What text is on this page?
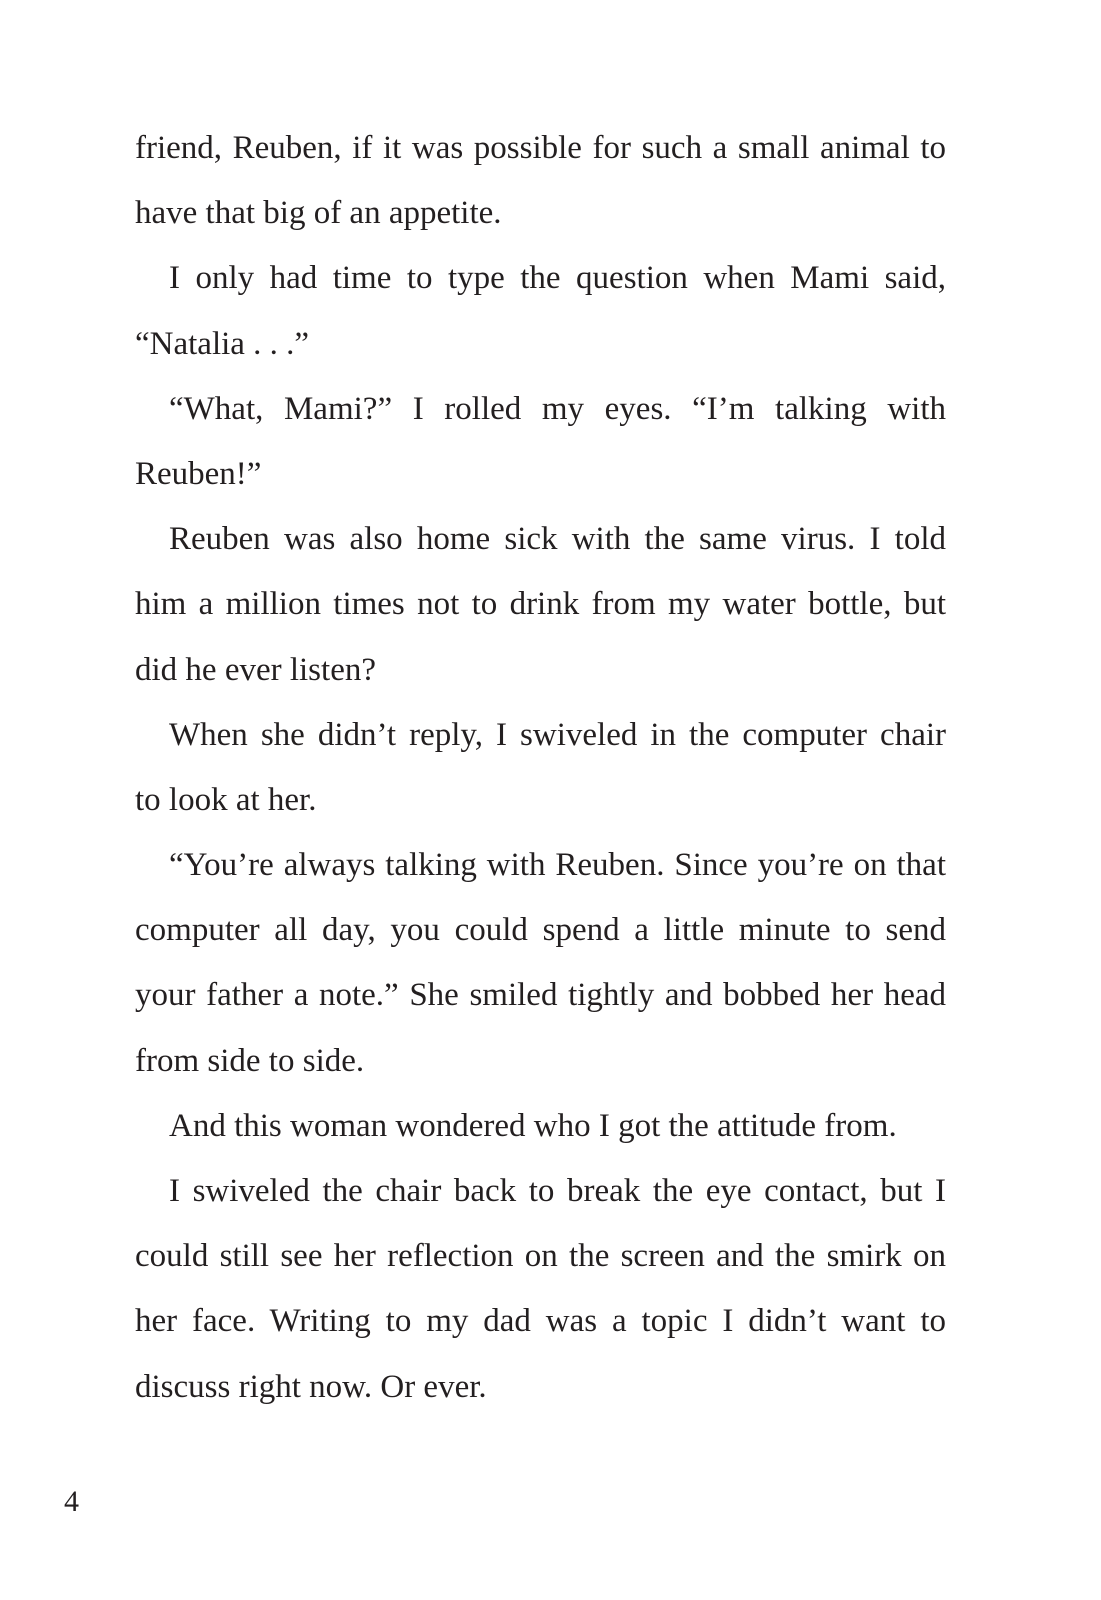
friend, Reuben, if it was possible for such a small animal to
have that big of an appetite.
I only had time to type the question when Mami said,
“Natalia . . .”
“What, Mami?” I rolled my eyes. “I’m talking with
Reuben!”
Reuben was also home sick with the same virus. I told
him a million times not to drink from my water bottle, but
did he ever listen?
When she didn’t reply, I swiveled in the computer chair
to look at her.
“You’re always talking with Reuben. Since you’re on that
computer all day, you could spend a little minute to send
your father a note.” She smiled tightly and bobbed her head
from side to side.
And this woman wondered who I got the attitude from.
I swiveled the chair back to break the eye contact, but I
could still see her reflection on the screen and the smirk on
her face. Writing to my dad was a topic I didn’t want to
discuss right now. Or ever.
4
